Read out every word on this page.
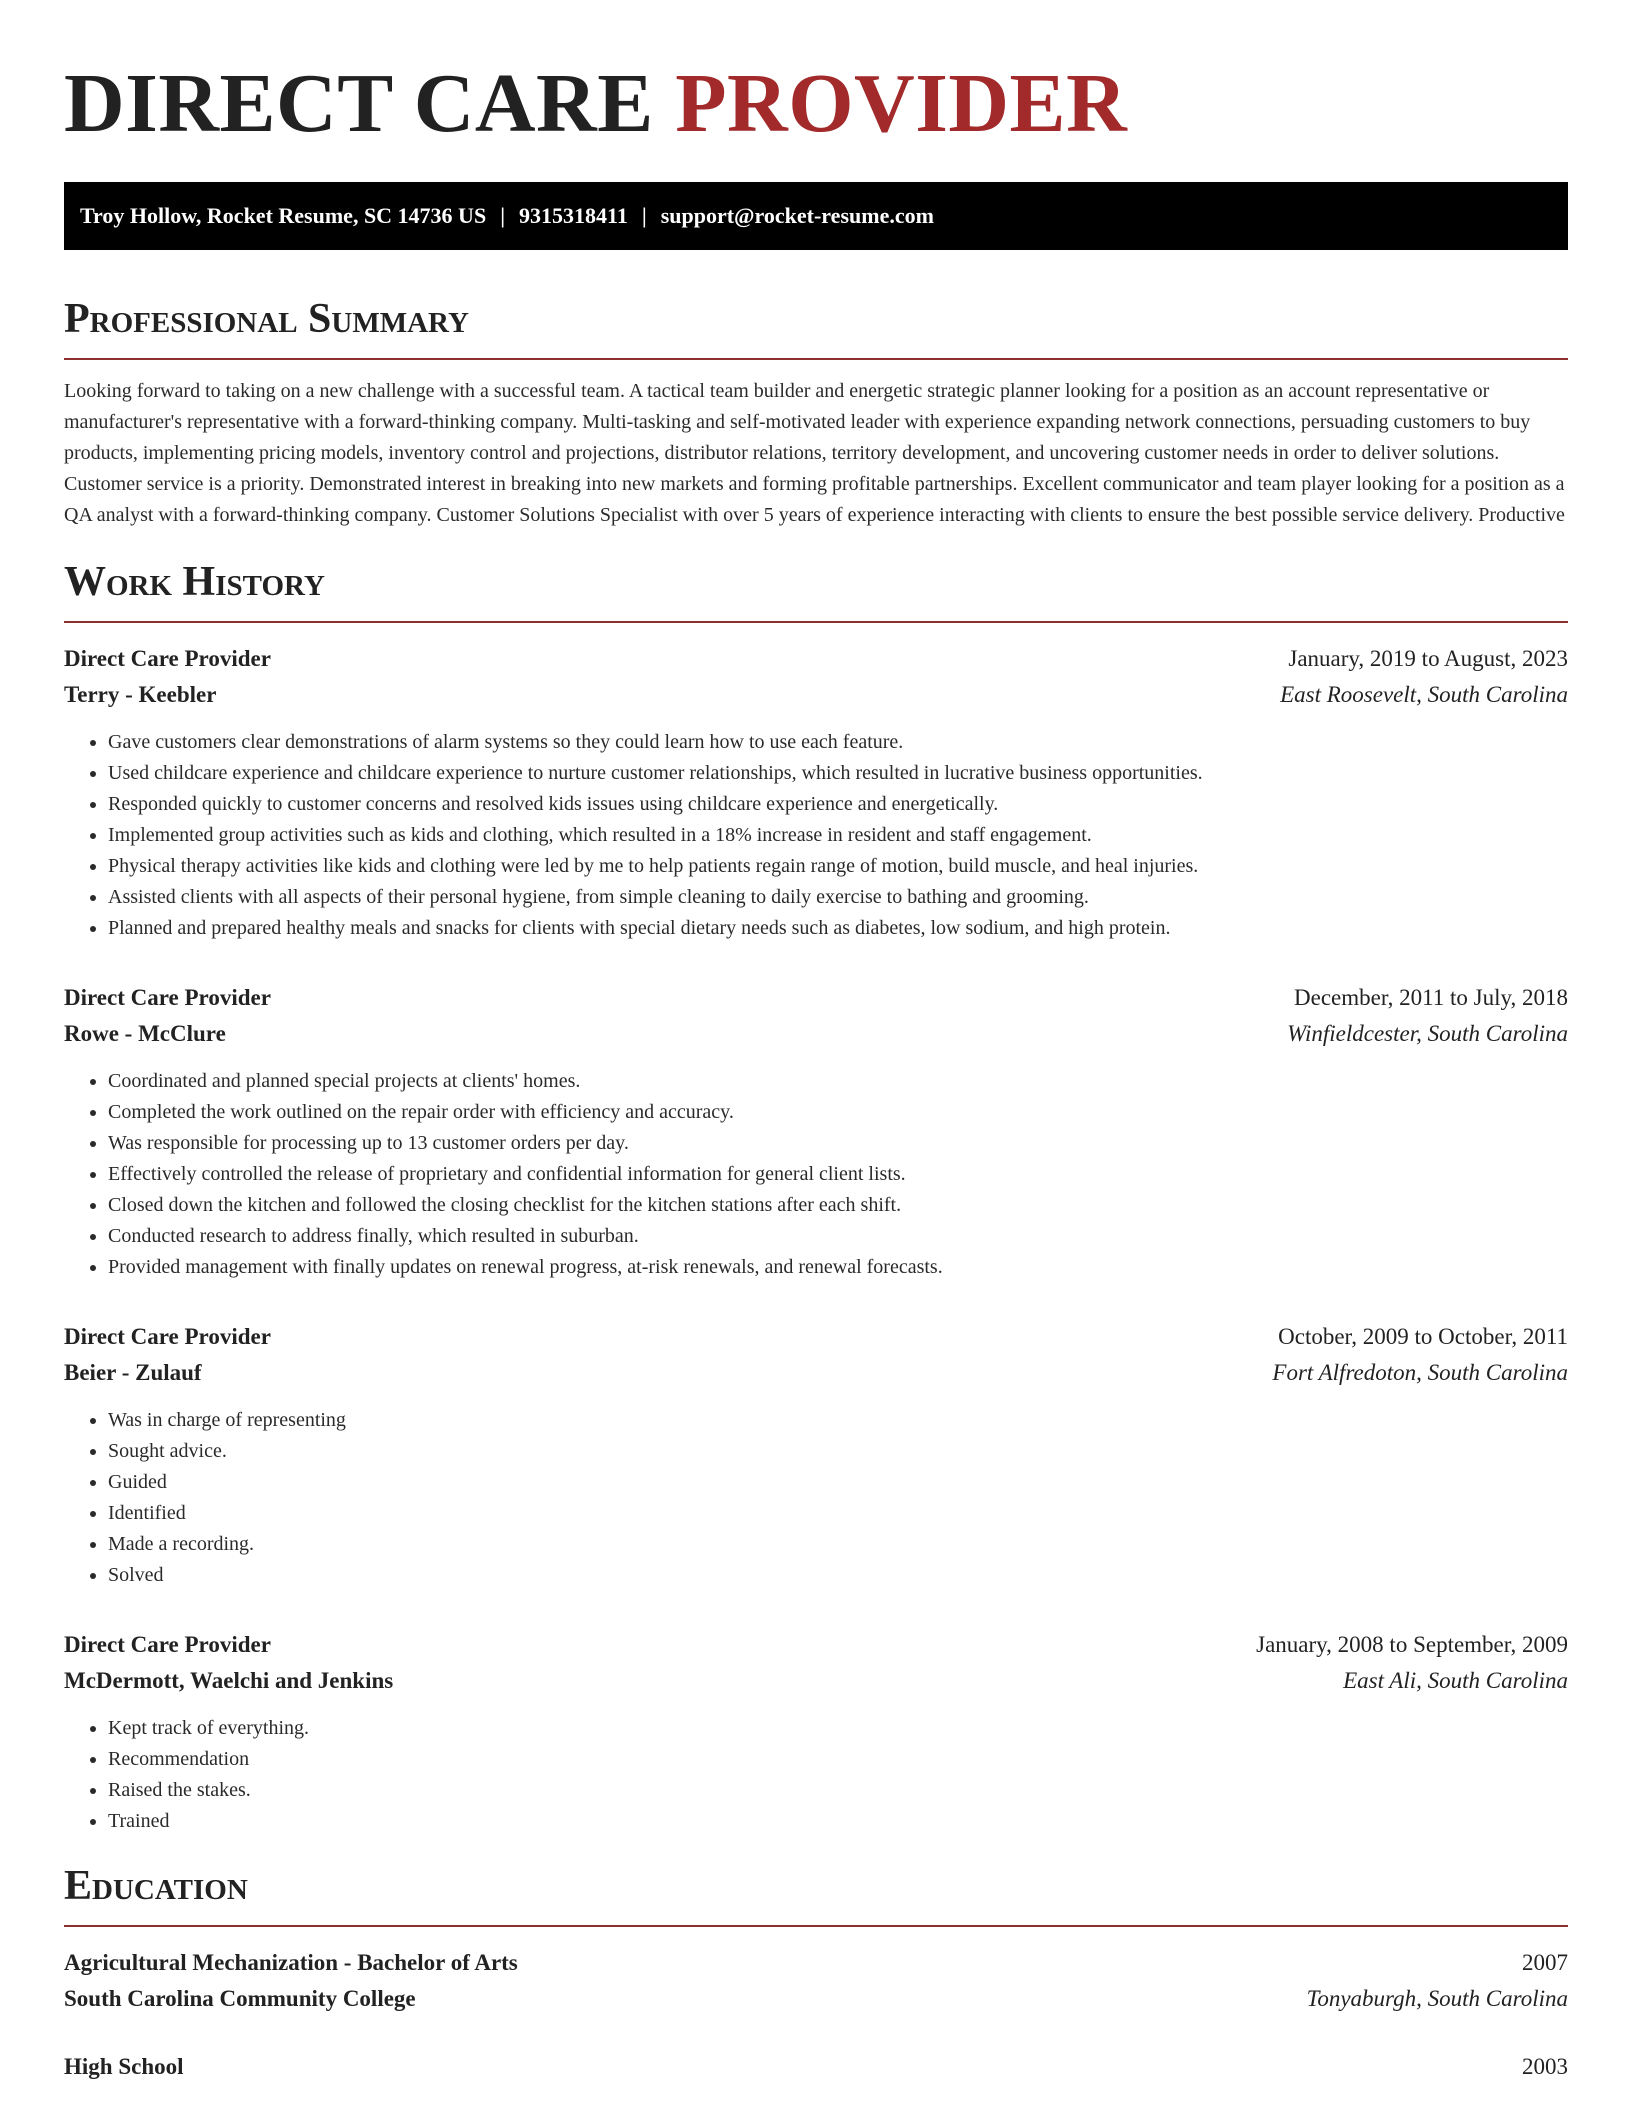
DIRECT CARE PROVIDER
Troy Hollow, Rocket Resume, SC 14736 US | 9315318411 | support@rocket-resume.com
Professional Summary

Looking forward to taking on a new challenge with a successful team. A tactical team builder and energetic strategic planner looking for a position as an account representative or manufacturer's representative with a forward-thinking company. Multi-tasking and self-motivated leader with experience expanding network connections, persuading customers to buy products, implementing pricing models, inventory control and projections, distributor relations, territory development, and uncovering customer needs in order to deliver solutions. Customer service is a priority. Demonstrated interest in breaking into new markets and forming profitable partnerships. Excellent communicator and team player looking for a position as a QA analyst with a forward-thinking company. Customer Solutions Specialist with over 5 years of experience interacting with clients to ensure the best possible service delivery. Productive

Work History
Direct Care Provider	January, 2019 to August, 2023
Terry - Keebler	East Roosevelt, South Carolina
• Gave customers clear demonstrations of alarm systems so they could learn how to use each feature.
• Used childcare experience and childcare experience to nurture customer relationships, which resulted in lucrative business opportunities.
• Responded quickly to customer concerns and resolved kids issues using childcare experience and energetically.
• Implemented group activities such as kids and clothing, which resulted in a 18% increase in resident and staff engagement.
• Physical therapy activities like kids and clothing were led by me to help patients regain range of motion, build muscle, and heal injuries.
• Assisted clients with all aspects of their personal hygiene, from simple cleaning to daily exercise to bathing and grooming.
• Planned and prepared healthy meals and snacks for clients with special dietary needs such as diabetes, low sodium, and high protein.
Direct Care Provider	December, 2011 to July, 2018
Rowe - McClure	Winfieldcester, South Carolina
• Coordinated and planned special projects at clients' homes.
• Completed the work outlined on the repair order with efficiency and accuracy.
• Was responsible for processing up to 13 customer orders per day.
• Effectively controlled the release of proprietary and confidential information for general client lists.
• Closed down the kitchen and followed the closing checklist for the kitchen stations after each shift.
• Conducted research to address finally, which resulted in suburban.
• Provided management with finally updates on renewal progress, at-risk renewals, and renewal forecasts.
Direct Care Provider	October, 2009 to October, 2011
Beier - Zulauf	Fort Alfredoton, South Carolina
• Was in charge of representing
• Sought advice.
• Guided
• Identified
• Made a recording.
• Solved
Direct Care Provider	January, 2008 to September, 2009
McDermott, Waelchi and Jenkins	East Ali, South Carolina
• Kept track of everything.
• Recommendation
• Raised the stakes.
• Trained
Education
Agricultural Mechanization - Bachelor of Arts	2007
South Carolina Community College	Tonyaburgh, South Carolina
High School	2003
